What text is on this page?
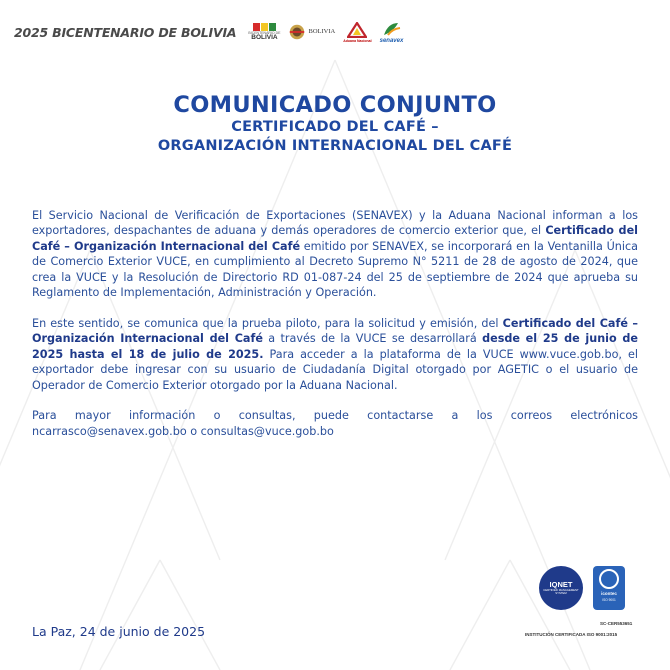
2025 BICENTENARIO DE BOLIVIA	BICENTENARIO DE
BOLIVIA
BOLIVIA
Aduana Nacional senavex
COMUNICADO CONJUNTO
CERTIFICADO DEL CAFÉ –
ORGANIZACIÓN INTERNACIONAL DEL CAFÉ

El Servicio Nacional de Verificación de Exportaciones (SENAVEX) y la Aduana Nacional informan a los exportadores, despachantes de aduana y demás operadores de comercio exterior que, el Certificado del Café – Organización Internacional del Café emitido por SENAVEX, se incorporará en la Ventanilla Única de Comercio Exterior VUCE, en cumplimiento al Decreto Supremo N° 5211 de 28 de agosto de 2024, que crea la VUCE y la Resolución de Directorio RD 01-087-24 del 25 de septiembre de 2024 que aprueba su Reglamento de Implementación, Administración y Operación.

En este sentido, se comunica que la prueba piloto, para la solicitud y emisión, del Certificado del Café – Organización Internacional del Café a través de la VUCE se desarrollará desde el 25 de junio de 2025 hasta el 18 de julio de 2025. Para acceder a la plataforma de la VUCE www.vuce.gob.bo, el exportador debe ingresar con su usuario de Ciudadanía Digital otorgado por AGETIC o el usuario de Operador de Comercio Exterior otorgado por la Aduana Nacional.

Para mayor información o consultas, puede contactarse a los correos electrónicos ncarrasco@senavex.gob.bo o consultas@vuce.gob.bo

La Paz, 24 de junio de 2025
IQNET
CERTIFIED MANAGEMENT SYSTEM	icontec
ISO 9001
SC-CER553651
INSTITUCIÓN CERTIFICADA ISO 9001:2015
